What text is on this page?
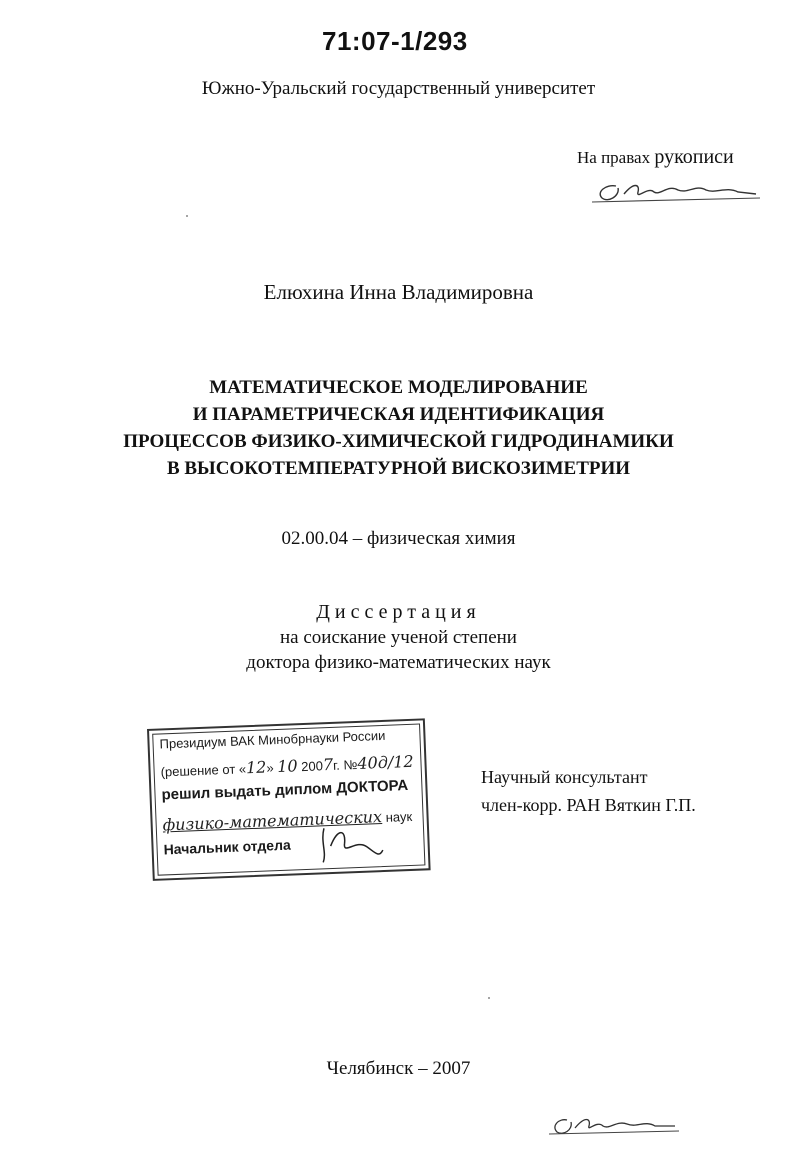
71:07-1/293
Южно-Уральский государственный университет
На правах рукописи
Елюхина Инна Владимировна
МАТЕМАТИЧЕСКОЕ МОДЕЛИРОВАНИЕ
И ПАРАМЕТРИЧЕСКАЯ ИДЕНТИФИКАЦИЯ
ПРОЦЕССОВ ФИЗИКО-ХИМИЧЕСКОЙ ГИДРОДИНАМИКИ
В ВЫСОКОТЕМПЕРАТУРНОЙ ВИСКОЗИМЕТРИИ
02.00.04 – физическая химия
Диссертация
на соискание ученой степени
доктора физико-математических наук
Президиум ВАК Минобрнауки России
(решение от «12» 10 2007г. №40д/12
решил выдать диплом ДОКТОРА
физико-математических наук
Начальник отдела
Научный консультант
член-корр. РАН Вяткин Г.П.
Челябинск – 2007
